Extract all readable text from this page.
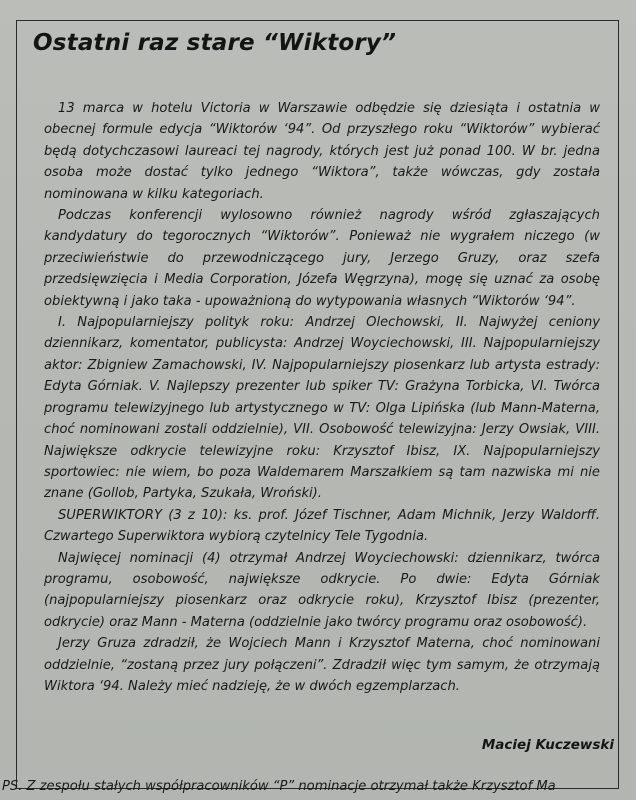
Ostatni raz stare “Wiktory”

13 marca w hotelu Victoria w Warszawie odbędzie się dziesiąta i ostatnia w obecnej formule edycja “Wiktorów ‘94”. Od przyszłego roku “Wiktorów” wybierać będą dotychczasowi laureaci tej nagrody, których jest już ponad 100. W br. jedna osoba może dostać tylko jednego “Wiktora”, także wówczas, gdy została nominowana w kilku kategoriach.

Podczas konferencji wylosowno również nagrody wśród zgłaszających kandydatury do tegorocznych “Wiktorów”. Ponieważ nie wygrałem niczego (w przeciwieństwie do przewodniczącego jury, Jerzego Gruzy, oraz szefa przedsięwzięcia i Media Corporation, Józefa Węgrzyna), mogę się uznać za osobę obiektywną i jako taka - upoważnioną do wytypowania własnych “Wiktorów ‘94”.

I. Najpopularniejszy polityk roku: Andrzej Olechowski, II. Najwyżej ceniony dziennikarz, komentator, publicysta: Andrzej Woyciechowski, III. Najpopularniejszy aktor: Zbigniew Zamachowski, IV. Najpopularniejszy piosenkarz lub artysta estrady: Edyta Górniak. V. Najlepszy prezenter lub spiker TV: Grażyna Torbicka, VI. Twórca programu telewizyjnego lub artystycznego w TV: Olga Lipińska (lub Mann-Materna, choć nominowani zostali oddzielnie), VII. Osobowość telewizyjna: Jerzy Owsiak, VIII. Największe odkrycie telewizyjne roku: Krzysztof Ibisz, IX. Najpopularniejszy sportowiec: nie wiem, bo poza Waldemarem Marszałkiem są tam nazwiska mi nie znane (Gollob, Partyka, Szukała, Wroński).

SUPERWIKTORY (3 z 10): ks. prof. Józef Tischner, Adam Michnik, Jerzy Waldorff. Czwartego Superwiktora wybiorą czytelnicy Tele Tygodnia.

Najwięcej nominacji (4) otrzymał Andrzej Woyciechowski: dziennikarz, twórca programu, osobowość, największe odkrycie. Po dwie: Edyta Górniak (najpopularniejszy piosenkarz oraz odkrycie roku), Krzysztof Ibisz (prezenter, odkrycie) oraz Mann - Materna (oddzielnie jako twórcy programu oraz osobowość).

Jerzy Gruza zdradził, że Wojciech Mann i Krzysztof Materna, choć nominowani oddzielnie, “zostaną przez jury połączeni”. Zdradził więc tym samym, że otrzymają Wiktora ‘94. Należy mieć nadzieję, że w dwóch egzemplarzach.

Maciej Kuczewski

PS. Z zespołu stałych współpracowników “P” nominacje otrzymał także Krzysztof Ma
